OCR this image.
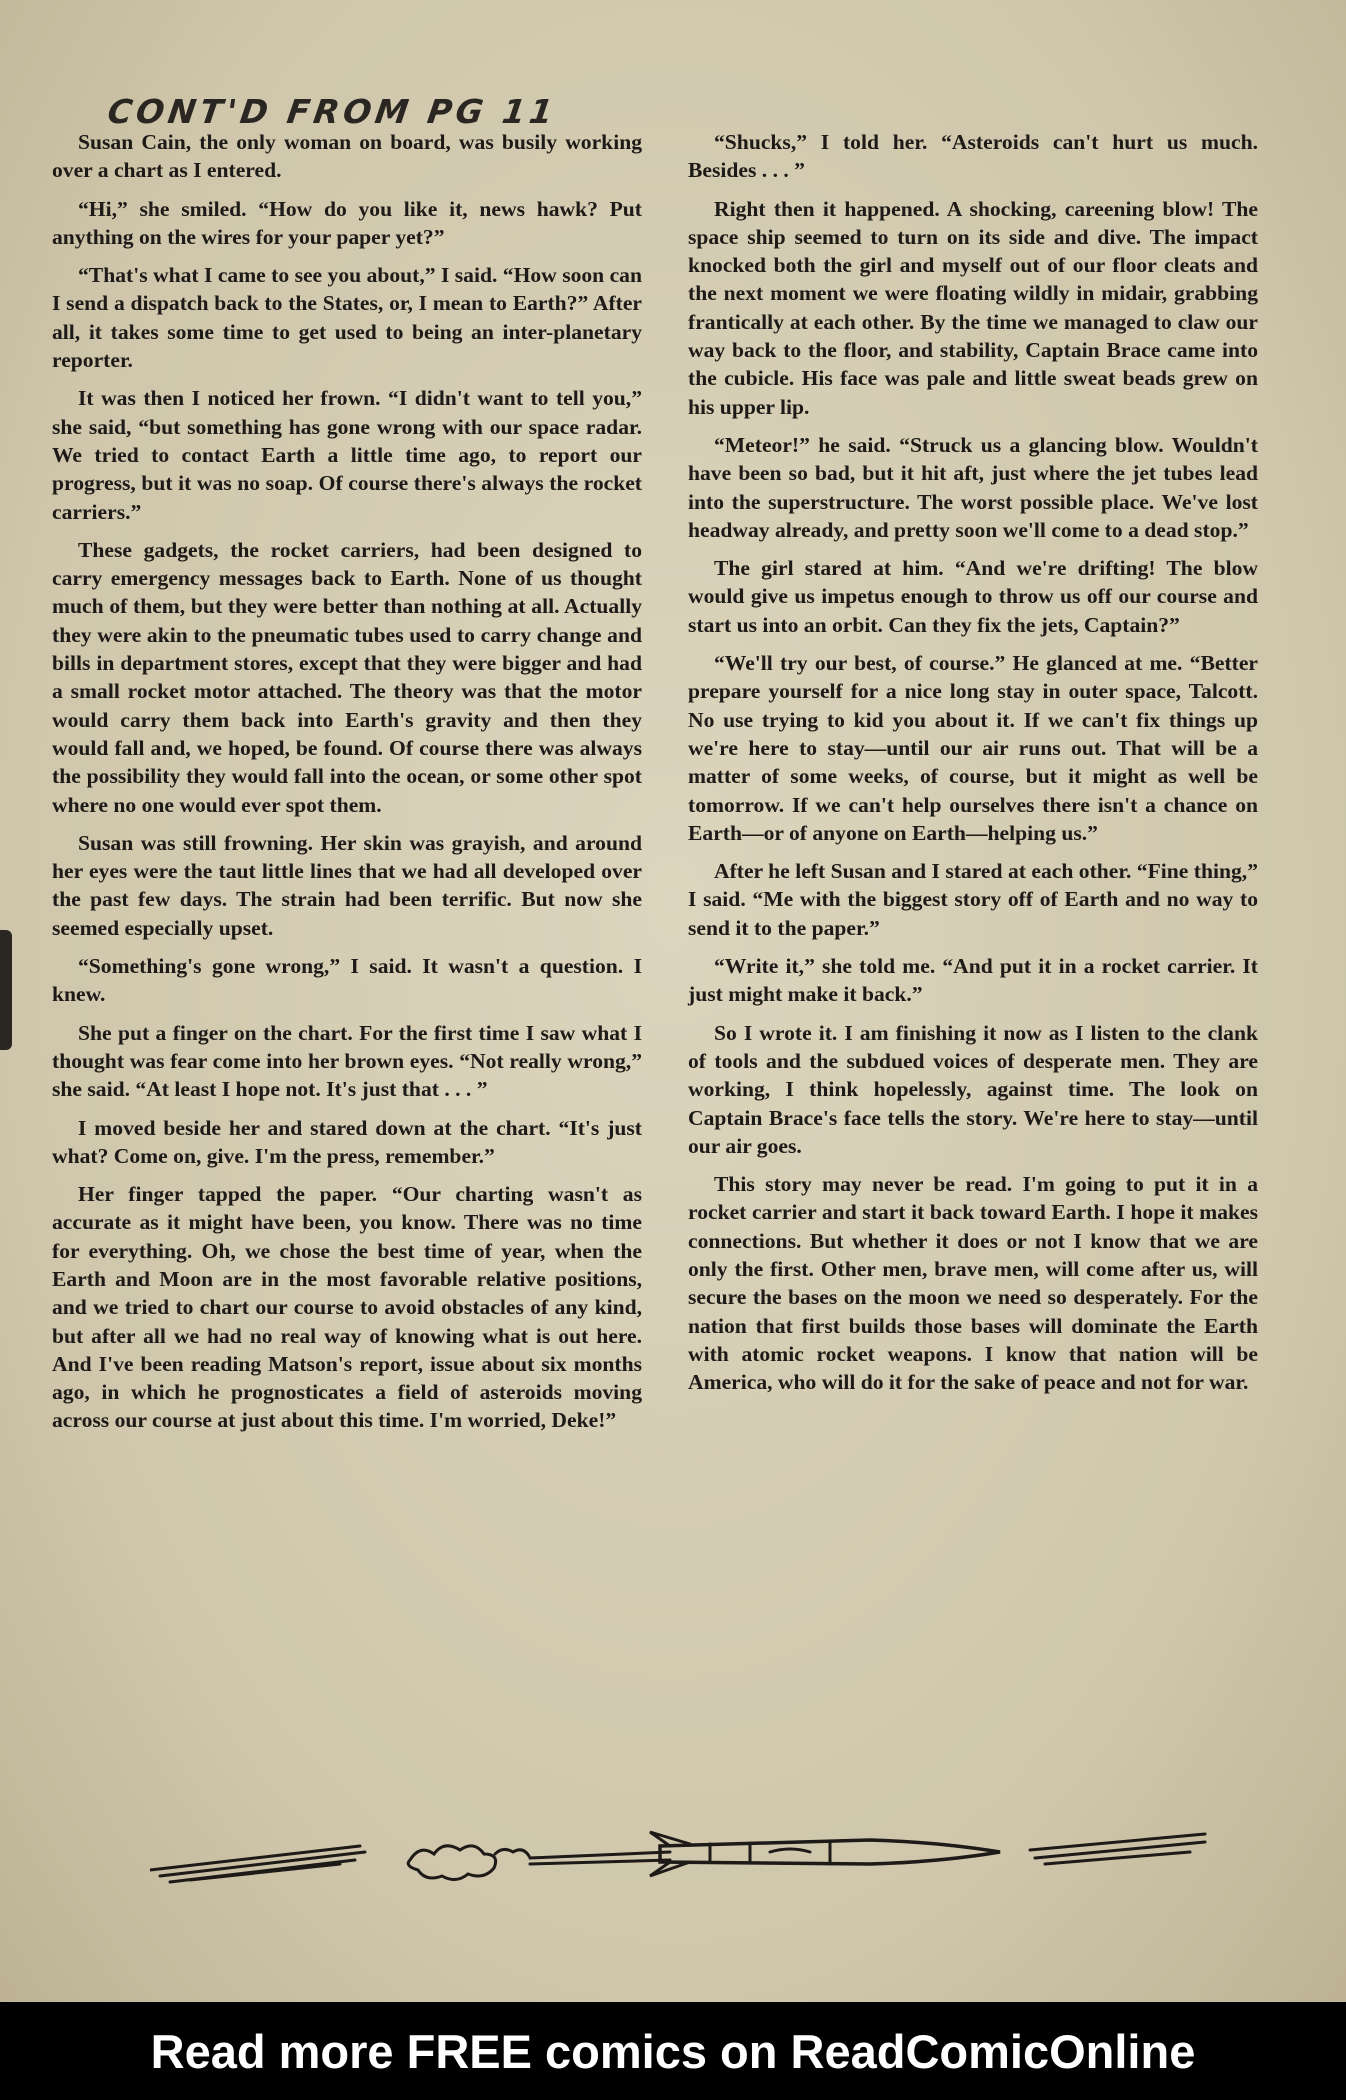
CONT'D FROM PG 11

Susan Cain, the only woman on board, was busily working over a chart as I entered.

“Hi,” she smiled. “How do you like it, news hawk? Put anything on the wires for your paper yet?”

“That's what I came to see you about,” I said. “How soon can I send a dispatch back to the States, or, I mean to Earth?” After all, it takes some time to get used to being an inter-planetary reporter.

It was then I noticed her frown. “I didn't want to tell you,” she said, “but something has gone wrong with our space radar. We tried to contact Earth a little time ago, to report our progress, but it was no soap. Of course there's always the rocket carriers.”

These gadgets, the rocket carriers, had been designed to carry emergency messages back to Earth. None of us thought much of them, but they were better than nothing at all. Actually they were akin to the pneumatic tubes used to carry change and bills in department stores, except that they were bigger and had a small rocket motor attached. The theory was that the motor would carry them back into Earth's gravity and then they would fall and, we hoped, be found. Of course there was always the possibility they would fall into the ocean, or some other spot where no one would ever spot them.

Susan was still frowning. Her skin was grayish, and around her eyes were the taut little lines that we had all developed over the past few days. The strain had been terrific. But now she seemed especially upset.

“Something's gone wrong,” I said. It wasn't a question. I knew.

She put a finger on the chart. For the first time I saw what I thought was fear come into her brown eyes. “Not really wrong,” she said. “At least I hope not. It's just that . . . ”

I moved beside her and stared down at the chart. “It's just what? Come on, give. I'm the press, remember.”

Her finger tapped the paper. “Our charting wasn't as accurate as it might have been, you know. There was no time for everything. Oh, we chose the best time of year, when the Earth and Moon are in the most favorable relative positions, and we tried to chart our course to avoid obstacles of any kind, but after all we had no real way of knowing what is out here. And I've been reading Matson's report, issue about six months ago, in which he prognosticates a field of asteroids moving across our course at just about this time. I'm worried, Deke!”

“Shucks,” I told her. “Asteroids can't hurt us much. Besides . . . ”

Right then it happened. A shocking, careening blow! The space ship seemed to turn on its side and dive. The impact knocked both the girl and myself out of our floor cleats and the next moment we were floating wildly in midair, grabbing frantically at each other. By the time we managed to claw our way back to the floor, and stability, Captain Brace came into the cubicle. His face was pale and little sweat beads grew on his upper lip.

“Meteor!” he said. “Struck us a glancing blow. Wouldn't have been so bad, but it hit aft, just where the jet tubes lead into the superstructure. The worst possible place. We've lost headway already, and pretty soon we'll come to a dead stop.”

The girl stared at him. “And we're drifting! The blow would give us impetus enough to throw us off our course and start us into an orbit. Can they fix the jets, Captain?”

“We'll try our best, of course.” He glanced at me. “Better prepare yourself for a nice long stay in outer space, Talcott. No use trying to kid you about it. If we can't fix things up we're here to stay—until our air runs out. That will be a matter of some weeks, of course, but it might as well be tomorrow. If we can't help ourselves there isn't a chance on Earth—or of anyone on Earth—helping us.”

After he left Susan and I stared at each other. “Fine thing,” I said. “Me with the biggest story off of Earth and no way to send it to the paper.”

“Write it,” she told me. “And put it in a rocket carrier. It just might make it back.”

So I wrote it. I am finishing it now as I listen to the clank of tools and the subdued voices of desperate men. They are working, I think hopelessly, against time. The look on Captain Brace's face tells the story. We're here to stay—until our air goes.

This story may never be read. I'm going to put it in a rocket carrier and start it back toward Earth. I hope it makes connections. But whether it does or not I know that we are only the first. Other men, brave men, will come after us, will secure the bases on the moon we need so desperately. For the nation that first builds those bases will dominate the Earth with atomic rocket weapons. I know that nation will be America, who will do it for the sake of peace and not for war.

Read more FREE comics on ReadComicOnline
